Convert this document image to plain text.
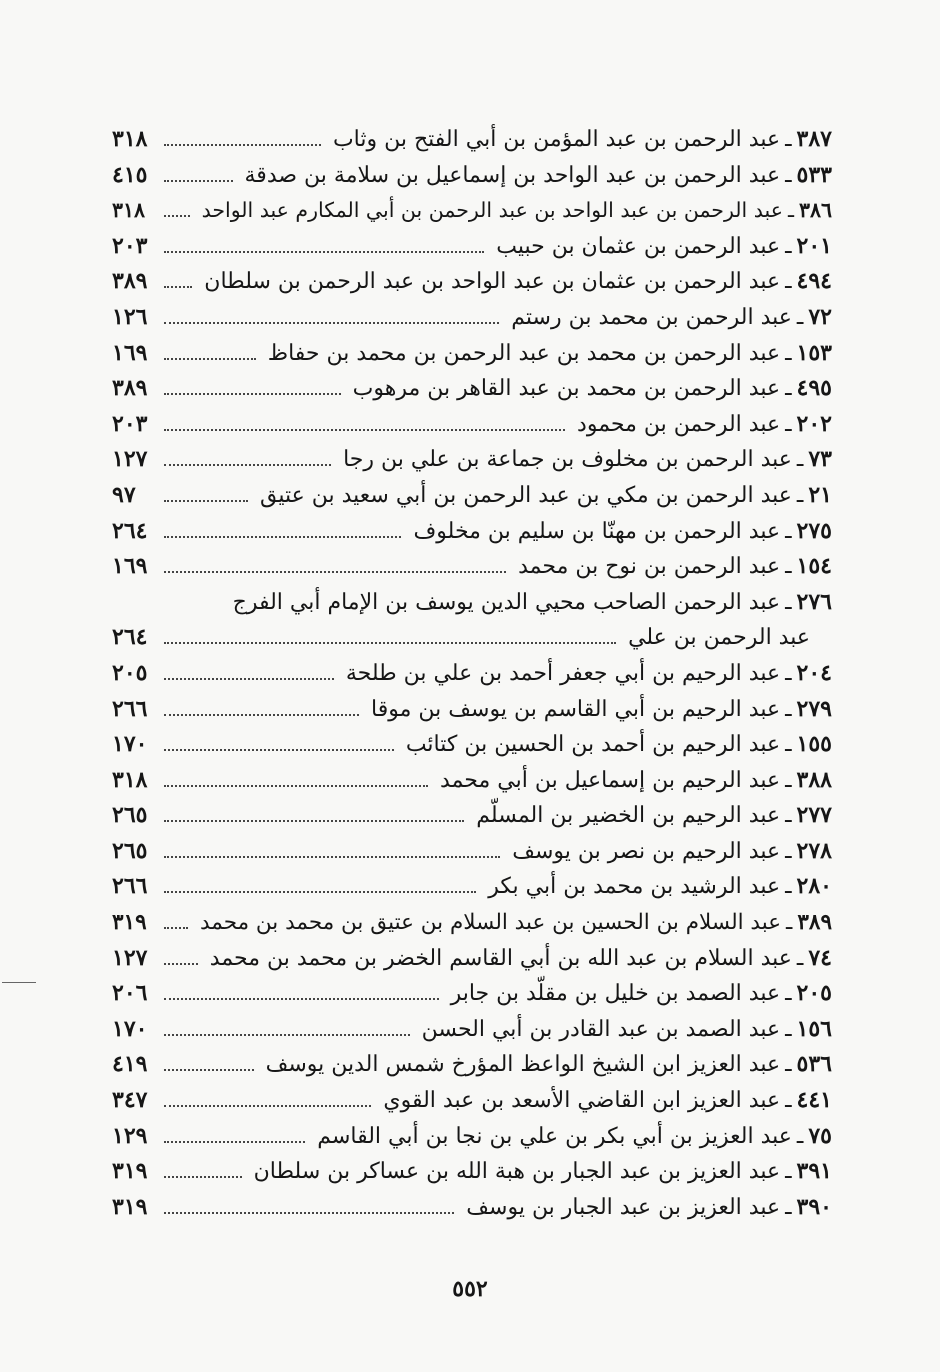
٣٨٧
ـ
عبد الرحمن بن عبد المؤمن بن أبي الفتح بن وثاب
٣١٨
٥٣٣
ـ
عبد الرحمن بن عبد الواحد بن إسماعيل بن سلامة بن صدقة
٤١٥
٣٨٦
ـ
عبد الرحمن بن عبد الواحد بن عبد الرحمن بن أبي المكارم عبد الواحد
٣١٨
٢٠١
ـ
عبد الرحمن بن عثمان بن حبيب
٢٠٣
٤٩٤
ـ
عبد الرحمن بن عثمان بن عبد الواحد بن عبد الرحمن بن سلطان
٣٨٩
٧٢
ـ
عبد الرحمن بن محمد بن رستم
١٢٦
١٥٣
ـ
عبد الرحمن بن محمد بن عبد الرحمن بن محمد بن حفاظ
١٦٩
٤٩٥
ـ
عبد الرحمن بن محمد بن عبد القاهر بن مرهوب
٣٨٩
٢٠٢
ـ
عبد الرحمن بن محمود
٢٠٣
٧٣
ـ
عبد الرحمن بن مخلوف بن جماعة بن علي بن رجا
١٢٧
٢١
ـ
عبد الرحمن بن مكي بن عبد الرحمن بن أبي سعيد بن عتيق
٩٧
٢٧٥
ـ
عبد الرحمن بن مهنّا بن سليم بن مخلوف
٢٦٤
١٥٤
ـ
عبد الرحمن بن نوح بن محمد
١٦٩
٢٧٦
ـ
عبد الرحمن الصاحب محيي الدين يوسف بن الإمام أبي الفرج
عبد الرحمن بن علي
٢٦٤
٢٠٤
ـ
عبد الرحيم بن أبي جعفر أحمد بن علي بن طلحة
٢٠٥
٢٧٩
ـ
عبد الرحيم بن أبي القاسم بن يوسف بن موقا
٢٦٦
١٥٥
ـ
عبد الرحيم بن أحمد بن الحسين بن كتائب
١٧٠
٣٨٨
ـ
عبد الرحيم بن إسماعيل بن أبي محمد
٣١٨
٢٧٧
ـ
عبد الرحيم بن الخضير بن المسلّم
٢٦٥
٢٧٨
ـ
عبد الرحيم بن نصر بن يوسف
٢٦٥
٢٨٠
ـ
عبد الرشيد بن محمد بن أبي بكر
٢٦٦
٣٨٩
ـ
عبد السلام بن الحسين بن عبد السلام بن عتيق بن محمد بن محمد
٣١٩
٧٤
ـ
عبد السلام بن عبد الله بن أبي القاسم الخضر بن محمد بن محمد
١٢٧
٢٠٥
ـ
عبد الصمد بن خليل بن مقلّد بن جابر
٢٠٦
١٥٦
ـ
عبد الصمد بن عبد القادر بن أبي الحسن
١٧٠
٥٣٦
ـ
عبد العزيز ابن الشيخ الواعظ المؤرخ شمس الدين يوسف
٤١٩
٤٤١
ـ
عبد العزيز ابن القاضي الأسعد بن عبد القوي
٣٤٧
٧٥
ـ
عبد العزيز بن أبي بكر بن علي بن نجا بن أبي القاسم
١٢٩
٣٩١
ـ
عبد العزيز بن عبد الجبار بن هبة الله بن عساكر بن سلطان
٣١٩
٣٩٠
ـ
عبد العزيز بن عبد الجبار بن يوسف
٣١٩
٥٥٢
